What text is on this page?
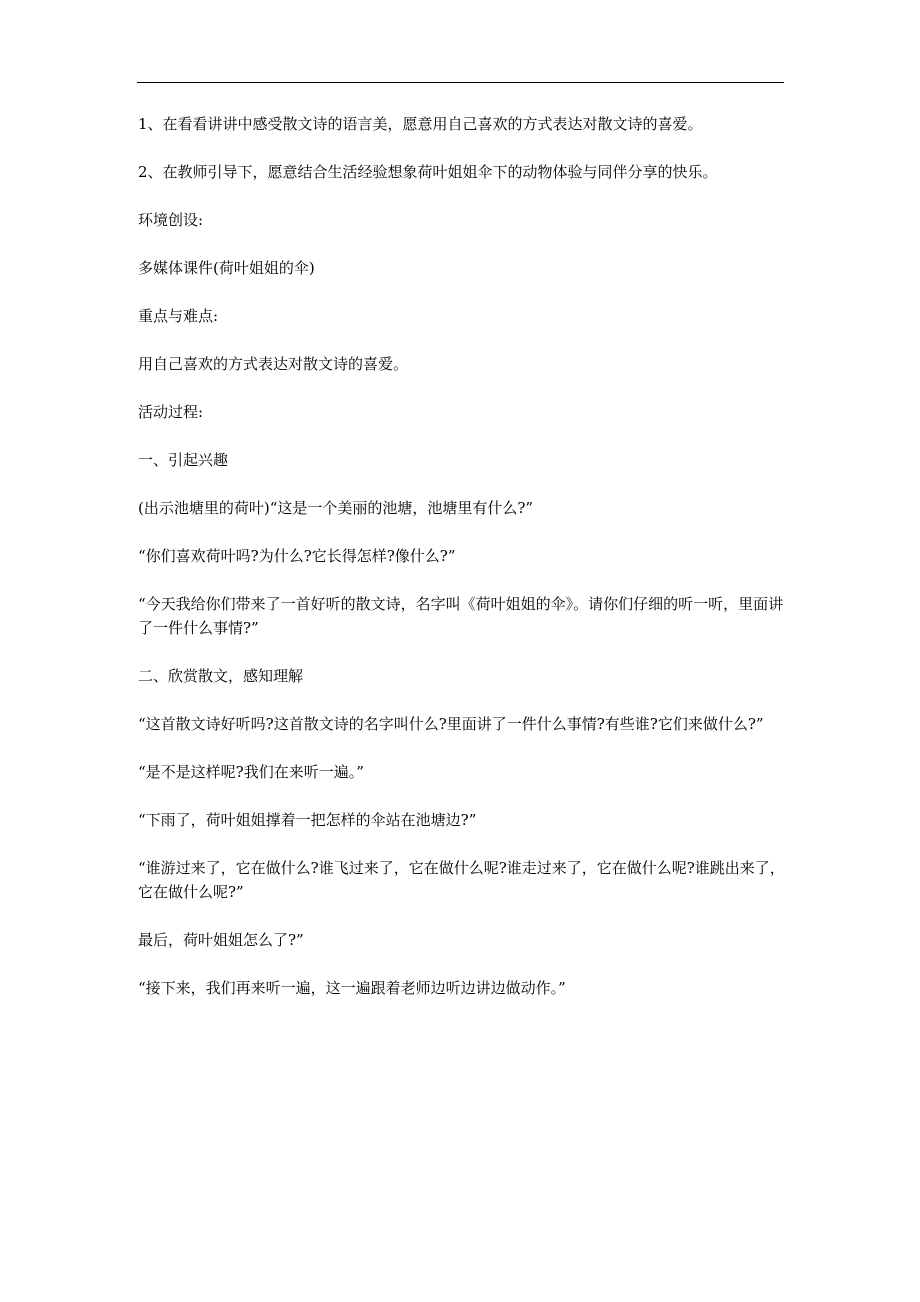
1、在看看讲讲中感受散文诗的语言美，愿意用自己喜欢的方式表达对散文诗的喜爱。

2、在教师引导下，愿意结合生活经验想象荷叶姐姐伞下的动物体验与同伴分享的快乐。

环境创设:

多媒体课件(荷叶姐姐的伞)

重点与难点:

用自己喜欢的方式表达对散文诗的喜爱。

活动过程:

一、引起兴趣

(出示池塘里的荷叶)“这是一个美丽的池塘，池塘里有什么?”

“你们喜欢荷叶吗?为什么?它长得怎样?像什么?”

“今天我给你们带来了一首好听的散文诗，名字叫《荷叶姐姐的伞》。请你们仔细的听一听，里面讲了一件什么事情?”

二、欣赏散文，感知理解

“这首散文诗好听吗?这首散文诗的名字叫什么?里面讲了一件什么事情?有些谁?它们来做什么?”

“是不是这样呢?我们在来听一遍。”

“下雨了，荷叶姐姐撑着一把怎样的伞站在池塘边?”

“谁游过来了，它在做什么?谁飞过来了，它在做什么呢?谁走过来了，它在做什么呢?谁跳出来了，它在做什么呢?”

最后，荷叶姐姐怎么了?”

“接下来，我们再来听一遍，这一遍跟着老师边听边讲边做动作。”
